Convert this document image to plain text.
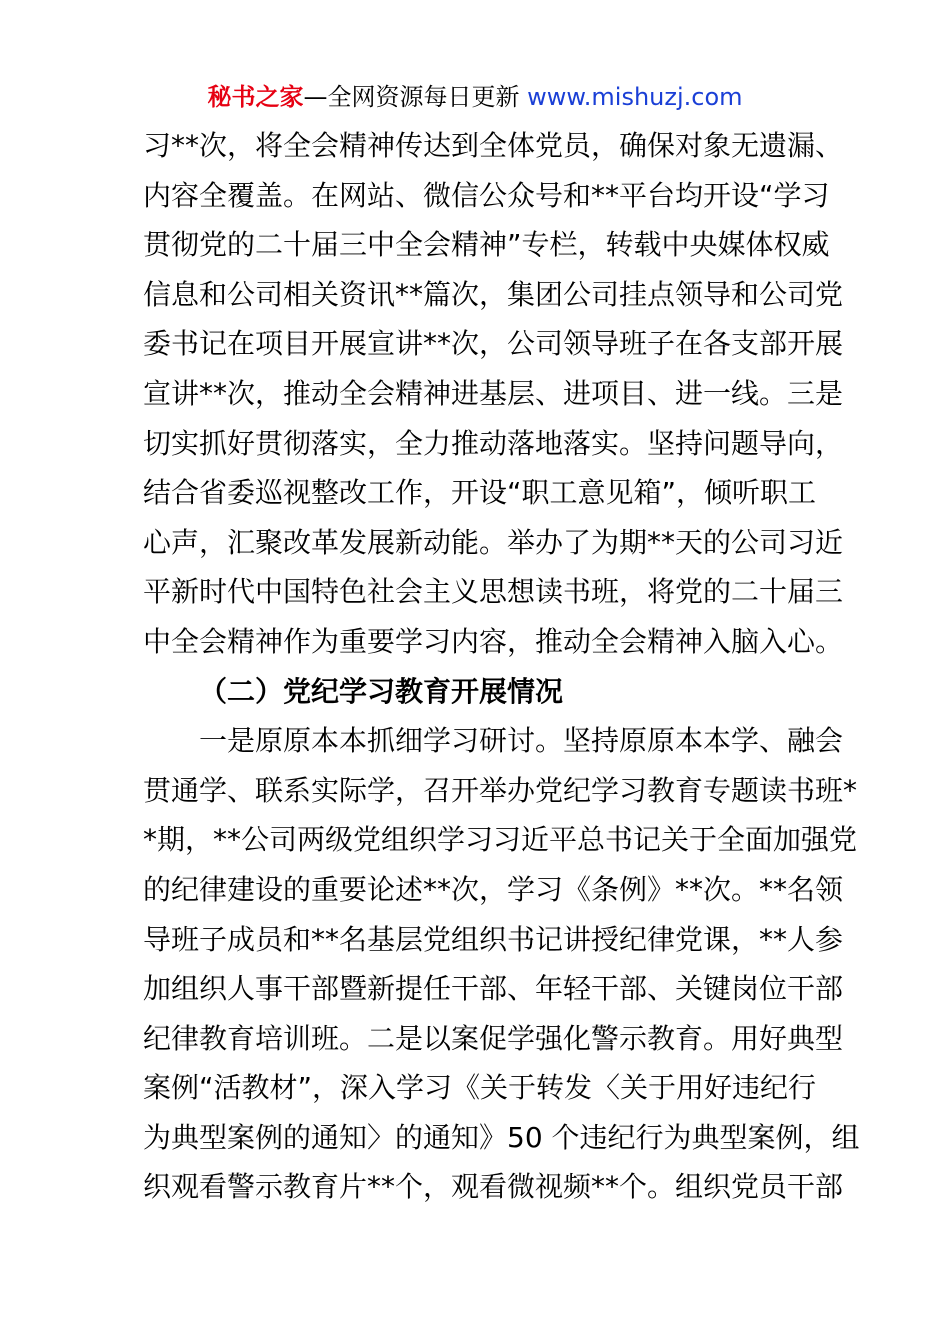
秘书之家—全网资源每日更新 www.mishuzj.com
习**次，将全会精神传达到全体党员，确保对象无遗漏、
内容全覆盖。在网站、微信公众号和**平台均开设“学习
贯彻党的二十届三中全会精神”专栏，转载中央媒体权威
信息和公司相关资讯**篇次，集团公司挂点领导和公司党
委书记在项目开展宣讲**次，公司领导班子在各支部开展
宣讲**次，推动全会精神进基层、进项目、进一线。三是
切实抓好贯彻落实，全力推动落地落实。坚持问题导向，
结合省委巡视整改工作，开设“职工意见箱”，倾听职工
心声，汇聚改革发展新动能。举办了为期**天的公司习近
平新时代中国特色社会主义思想读书班，将党的二十届三
中全会精神作为重要学习内容，推动全会精神入脑入心。
（二）党纪学习教育开展情况
一是原原本本抓细学习研讨。坚持原原本本学、融会
贯通学、联系实际学，召开举办党纪学习教育专题读书班*
*期，**公司两级党组织学习习近平总书记关于全面加强党
的纪律建设的重要论述**次，学习《条例》**次。**名领
导班子成员和**名基层党组织书记讲授纪律党课，**人参
加组织人事干部暨新提任干部、年轻干部、关键岗位干部
纪律教育培训班。二是以案促学强化警示教育。用好典型
案例“活教材”，深入学习《关于转发〈关于用好违纪行
为典型案例的通知〉的通知》50 个违纪行为典型案例，组
织观看警示教育片**个，观看微视频**个。组织党员干部
